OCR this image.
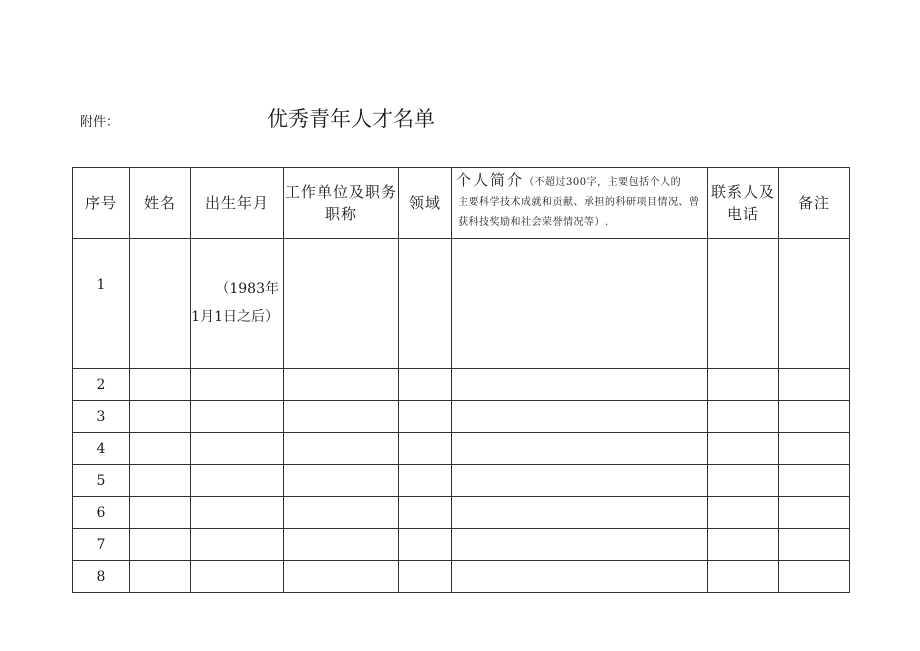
附件：	优秀青年人才名单
序号	姓名	出生年月	工作单位及职务职称	领域	个人简介（不超过300字，主要包括个人的
主要科学技术成就和贡献、承担的科研项目情况、曾获科技奖励和社会荣誉情况等）.	联系人及电话	备注
1		（1983年
1月1日之后）					

2							
3							
4							
5							
6							
7							
8							
